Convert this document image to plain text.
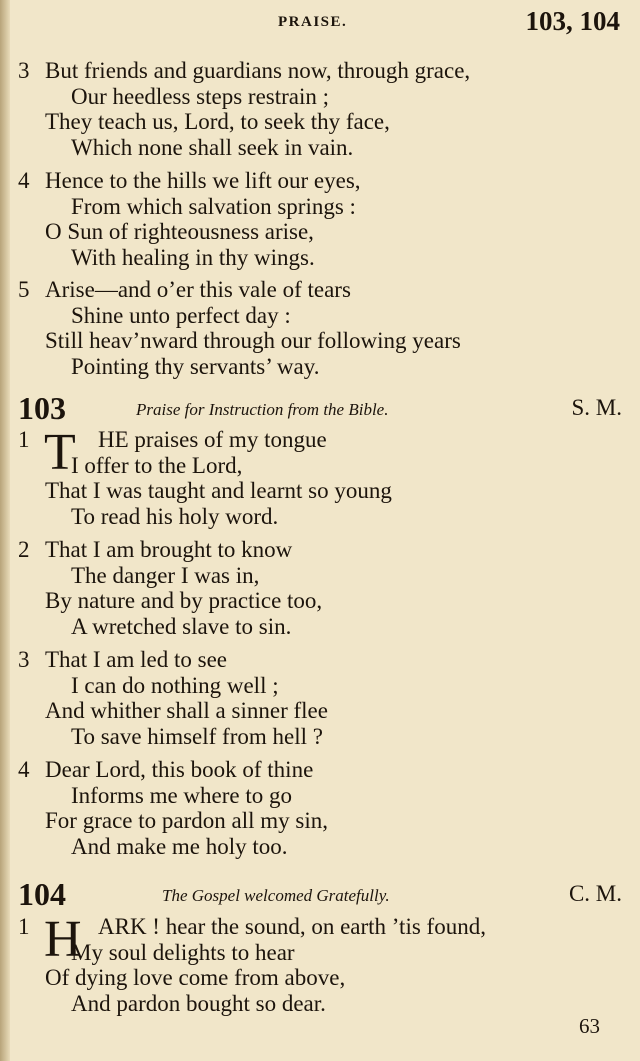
PRAISE.	103, 104
3 But friends and guardians now, through grace,
Our heedless steps restrain ;
They teach us, Lord, to seek thy face,
Which none shall seek in vain.
4 Hence to the hills we lift our eyes,
From which salvation springs :
O Sun of righteousness arise,
With healing in thy wings.
5 Arise—and o’er this vale of tears
Shine unto perfect day :
Still heav’nward through our following years
Pointing thy servants’ way.
103	Praise for Instruction from the Bible.	S. M.
1 T HE praises of my tongue
I offer to the Lord,
That I was taught and learnt so young
To read his holy word.
2 That I am brought to know
The danger I was in,
By nature and by practice too,
A wretched slave to sin.
3 That I am led to see
I can do nothing well ;
And whither shall a sinner flee
To save himself from hell ?
4 Dear Lord, this book of thine
Informs me where to go
For grace to pardon all my sin,
And make me holy too.
104	The Gospel welcomed Gratefully.	C. M.
1 H ARK ! hear the sound, on earth ’tis found,
My soul delights to hear
Of dying love come from above,
And pardon bought so dear.
63
